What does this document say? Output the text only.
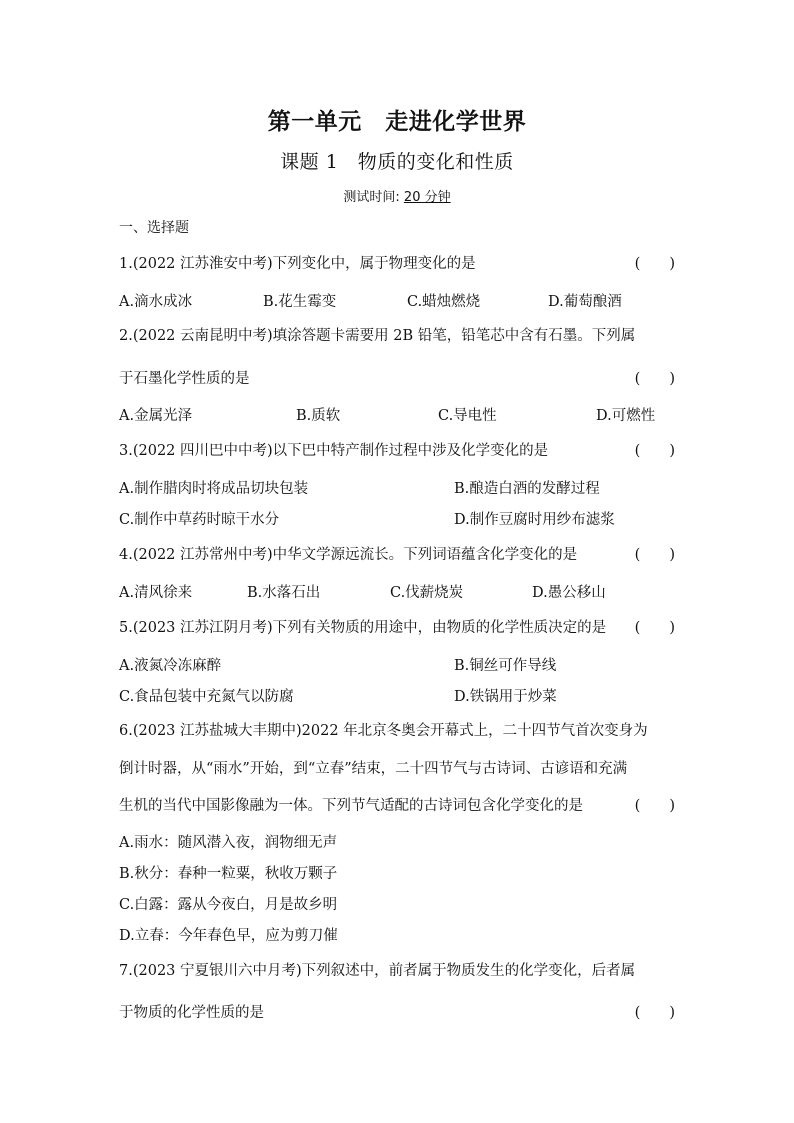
第一单元　走进化学世界
课题 1　物质的变化和性质
测试时间: 20 分钟
一、选择题
1.(2022 江苏淮安中考)下列变化中，属于物理变化的是	(　　)
A.滴水成冰	B.花生霉变	C.蜡烛燃烧	D.葡萄酿酒
2.(2022 云南昆明中考)填涂答题卡需要用 2B 铅笔，铅笔芯中含有石墨。下列属
于石墨化学性质的是	(　　)
A.金属光泽	B.质软	C.导电性	D.可燃性
3.(2022 四川巴中中考)以下巴中特产制作过程中涉及化学变化的是	(　　)
A.制作腊肉时将成品切块包装	B.酿造白酒的发酵过程
C.制作中草药时晾干水分	D.制作豆腐时用纱布滤浆
4.(2022 江苏常州中考)中华文学源远流长。下列词语蕴含化学变化的是	(　　)
A.清风徐来	B.水落石出	C.伐薪烧炭	D.愚公移山
5.(2023 江苏江阴月考)下列有关物质的用途中，由物质的化学性质决定的是 (　　)
A.液氮冷冻麻醉	B.铜丝可作导线
C.食品包装中充氮气以防腐	D.铁锅用于炒菜
6.(2023 江苏盐城大丰期中)2022 年北京冬奥会开幕式上，二十四节气首次变身为
倒计时器，从“雨水”开始，到“立春”结束，二十四节气与古诗词、古谚语和充满
生机的当代中国影像融为一体。下列节气适配的古诗词包含化学变化的是	(　　)
A.雨水：随风潜入夜，润物细无声
B.秋分：春种一粒粟，秋收万颗子
C.白露：露从今夜白，月是故乡明
D.立春：今年春色早，应为剪刀催
7.(2023 宁夏银川六中月考)下列叙述中，前者属于物质发生的化学变化，后者属
于物质的化学性质的是	(　　)
